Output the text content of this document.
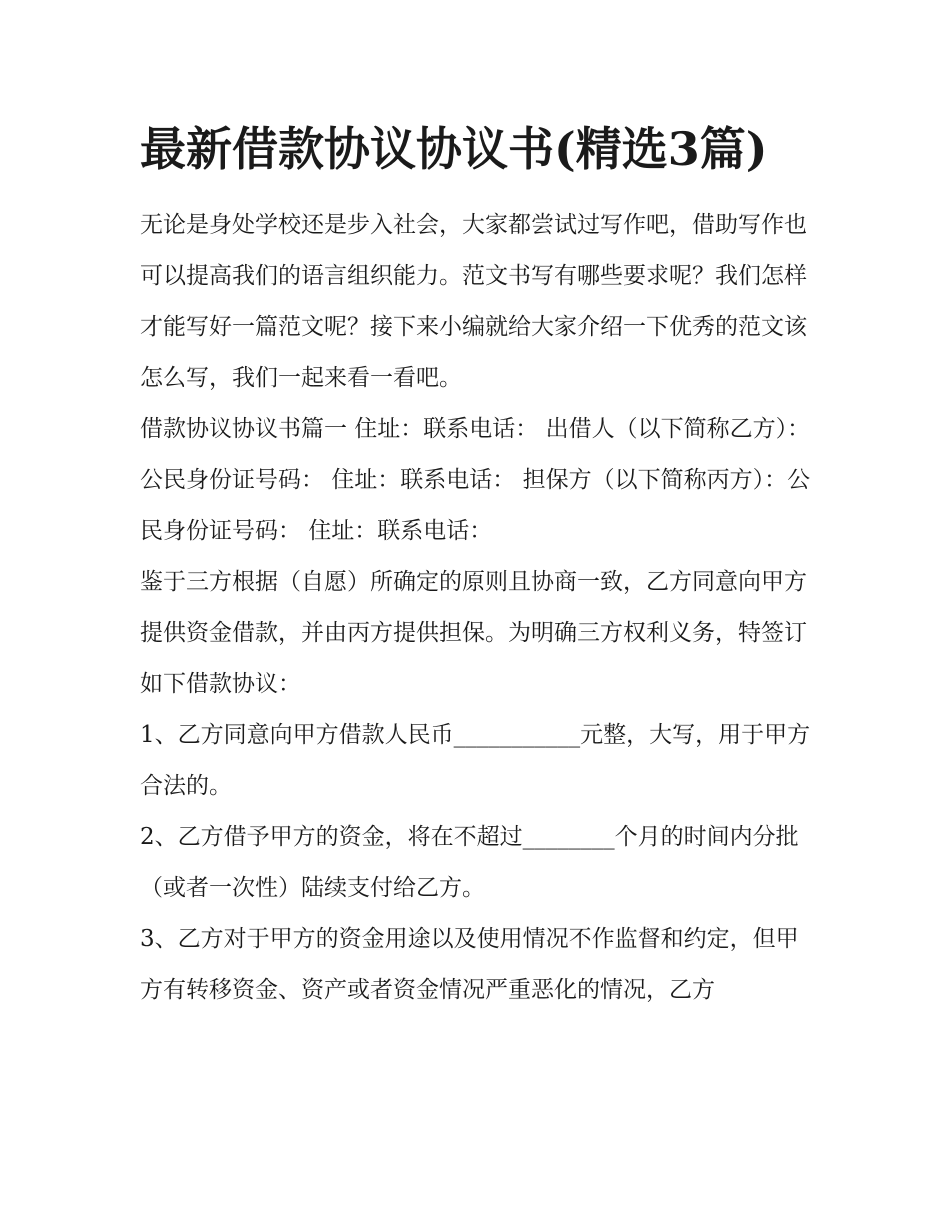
最新借款协议协议书(精选3篇)

无论是身处学校还是步入社会，大家都尝试过写作吧，借助写作也可以提高我们的语言组织能力。范文书写有哪些要求呢？我们怎样才能写好一篇范文呢？接下来小编就给大家介绍一下优秀的范文该怎么写，我们一起来看一看吧。

借款协议协议书篇一 住址：联系电话： 出借人（以下简称乙方）：公民身份证号码： 住址：联系电话： 担保方（以下简称丙方）：公民身份证号码： 住址：联系电话：

鉴于三方根据（自愿）所确定的原则且协商一致，乙方同意向甲方提供资金借款，并由丙方提供担保。为明确三方权利义务，特签订如下借款协议：

1、乙方同意向甲方借款人民币___________元整，大写，用于甲方合法的。

2、乙方借予甲方的资金，将在不超过________个月的时间内分批（或者一次性）陆续支付给乙方。

3、乙方对于甲方的资金用途以及使用情况不作监督和约定，但甲方有转移资金、资产或者资金情况严重恶化的情况，乙方
